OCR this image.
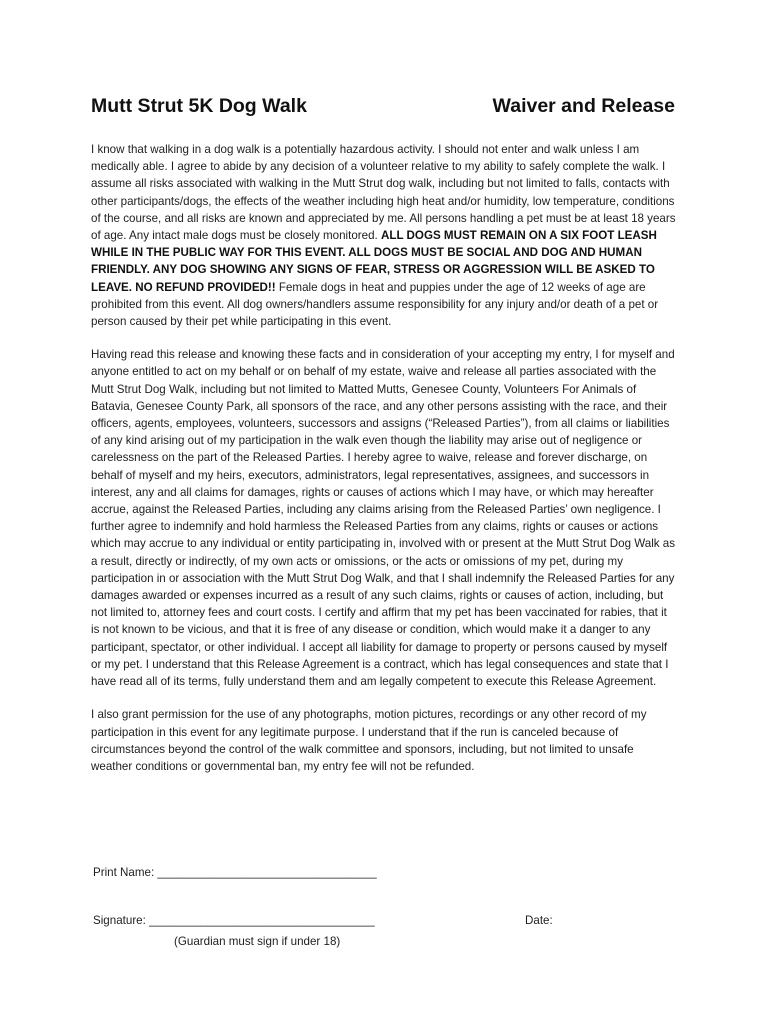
Mutt Strut 5K Dog Walk	Waiver and Release

I know that walking in a dog walk is a potentially hazardous activity. I should not enter and walk unless I am medically able. I agree to abide by any decision of a volunteer relative to my ability to safely complete the walk. I assume all risks associated with walking in the Mutt Strut dog walk, including but not limited to falls, contacts with other participants/dogs, the effects of the weather including high heat and/or humidity, low temperature, conditions of the course, and all risks are known and appreciated by me. All persons handling a pet must be at least 18 years of age. Any intact male dogs must be closely monitored. ALL DOGS MUST REMAIN ON A SIX FOOT LEASH WHILE IN THE PUBLIC WAY FOR THIS EVENT. ALL DOGS MUST BE SOCIAL AND DOG AND HUMAN FRIENDLY. ANY DOG SHOWING ANY SIGNS OF FEAR, STRESS OR AGGRESSION WILL BE ASKED TO LEAVE. NO REFUND PROVIDED!! Female dogs in heat and puppies under the age of 12 weeks of age are prohibited from this event. All dog owners/handlers assume responsibility for any injury and/or death of a pet or person caused by their pet while participating in this event.

Having read this release and knowing these facts and in consideration of your accepting my entry, I for myself and anyone entitled to act on my behalf or on behalf of my estate, waive and release all parties associated with the Mutt Strut Dog Walk, including but not limited to Matted Mutts, Genesee County, Volunteers For Animals of Batavia, Genesee County Park, all sponsors of the race, and any other persons assisting with the race, and their officers, agents, employees, volunteers, successors and assigns (“Released Parties”), from all claims or liabilities of any kind arising out of my participation in the walk even though the liability may arise out of negligence or carelessness on the part of the Released Parties. I hereby agree to waive, release and forever discharge, on behalf of myself and my heirs, executors, administrators, legal representatives, assignees, and successors in interest, any and all claims for damages, rights or causes of actions which I may have, or which may hereafter accrue, against the Released Parties, including any claims arising from the Released Parties’ own negligence. I further agree to indemnify and hold harmless the Released Parties from any claims, rights or causes or actions which may accrue to any individual or entity participating in, involved with or present at the Mutt Strut Dog Walk as a result, directly or indirectly, of my own acts or omissions, or the acts or omissions of my pet, during my participation in or association with the Mutt Strut Dog Walk, and that I shall indemnify the Released Parties for any damages awarded or expenses incurred as a result of any such claims, rights or causes of action, including, but not limited to, attorney fees and court costs. I certify and affirm that my pet has been vaccinated for rabies, that it is not known to be vicious, and that it is free of any disease or condition, which would make it a danger to any participant, spectator, or other individual. I accept all liability for damage to property or persons caused by myself or my pet. I understand that this Release Agreement is a contract, which has legal consequences and state that I have read all of its terms, fully understand them and am legally competent to execute this Release Agreement.

I also grant permission for the use of any photographs, motion pictures, recordings or any other record of my participation in this event for any legitimate purpose. I understand that if the run is canceled because of circumstances beyond the control of the walk committee and sponsors, including, but not limited to unsafe weather conditions or governmental ban, my entry fee will not be refunded.

Print Name: __________________________________
Signature: ___________________________________	Date:
(Guardian must sign if under 18)
